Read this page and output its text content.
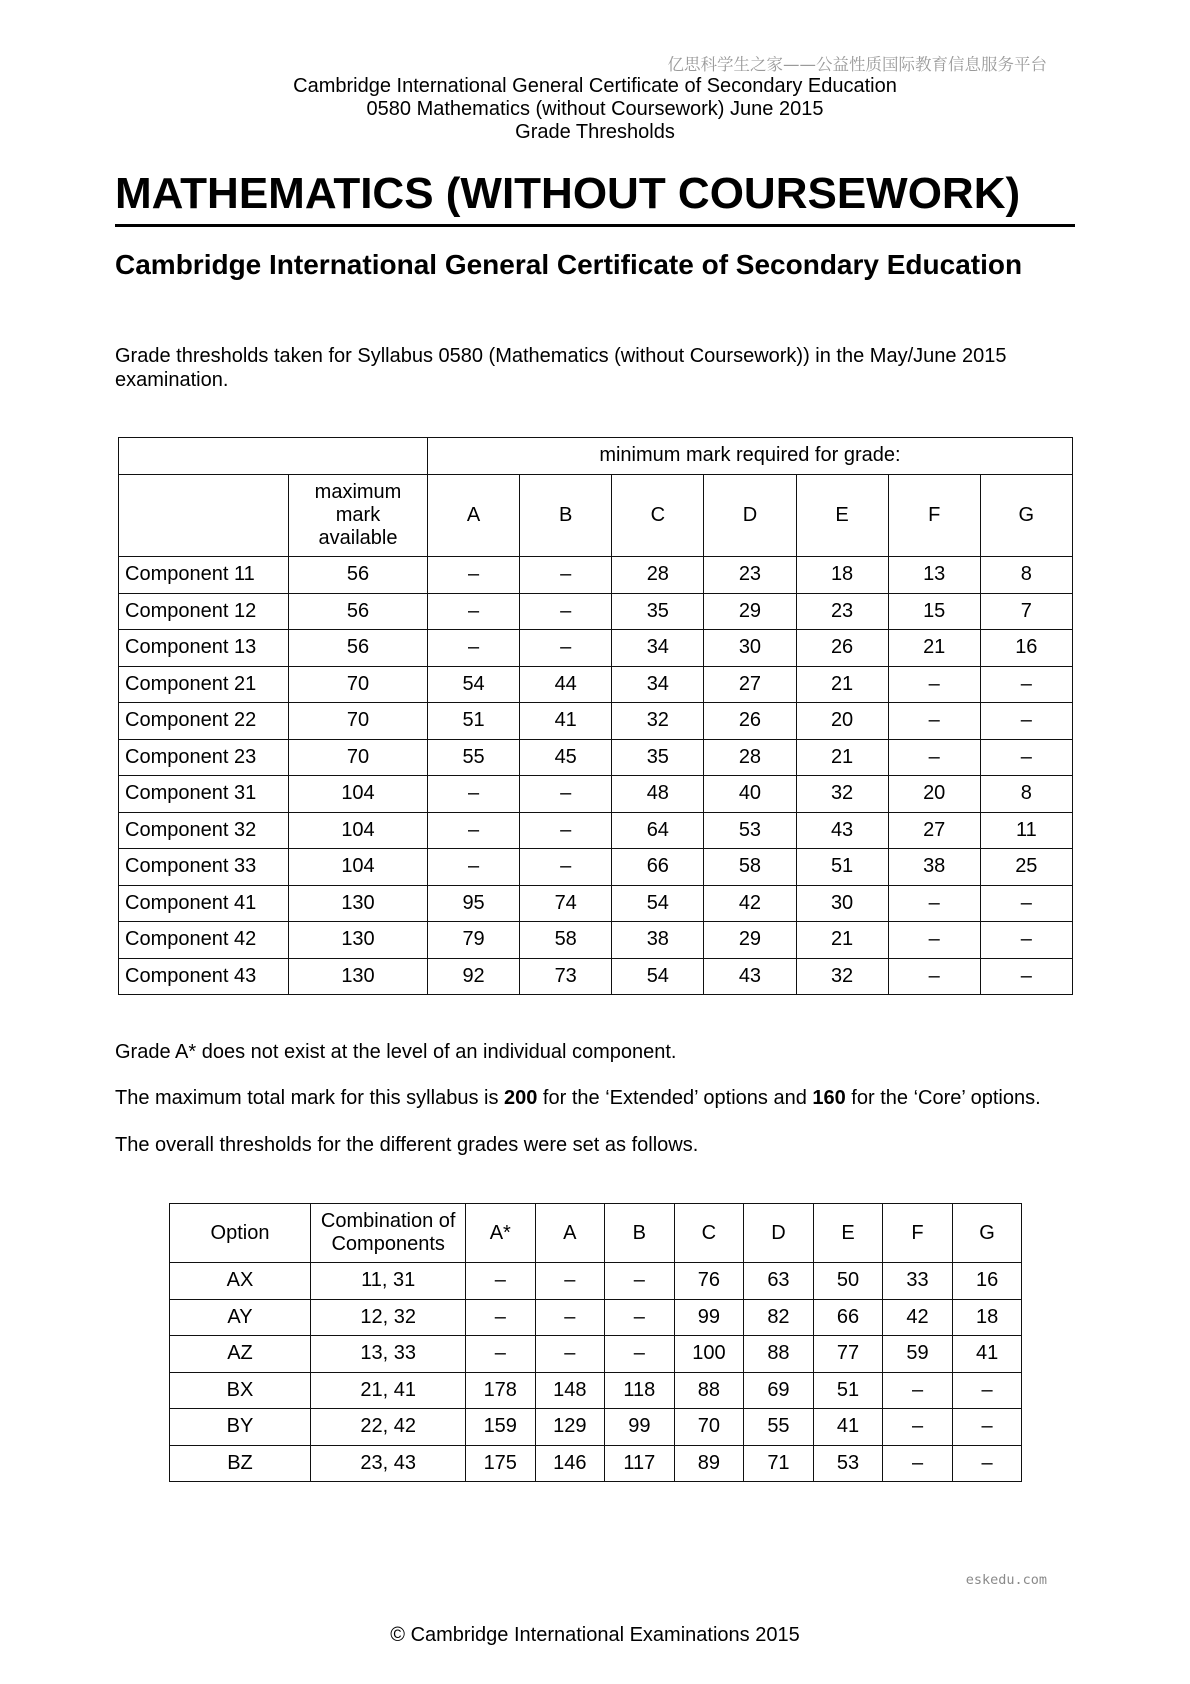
亿思科学生之家——公益性质国际教育信息服务平台
Cambridge International General Certificate of Secondary Education
0580 Mathematics (without Coursework) June 2015
Grade Thresholds
MATHEMATICS (WITHOUT COURSEWORK)
Cambridge International General Certificate of Secondary Education

Grade thresholds taken for Syllabus 0580 (Mathematics (without Coursework)) in the May/June 2015 examination.

		minimum mark required for grade:						
	maximum mark available	A	B	C	D	E	F	G
Component 11	56	–	–	28	23	18	13	8
Component 12	56	–	–	35	29	23	15	7
Component 13	56	–	–	34	30	26	21	16
Component 21	70	54	44	34	27	21	–	–
Component 22	70	51	41	32	26	20	–	–
Component 23	70	55	45	35	28	21	–	–
Component 31	104	–	–	48	40	32	20	8
Component 32	104	–	–	64	53	43	27	11
Component 33	104	–	–	66	58	51	38	25
Component 41	130	95	74	54	42	30	–	–
Component 42	130	79	58	38	29	21	–	–
Component 43	130	92	73	54	43	32	–	–

Grade A* does not exist at the level of an individual component.

The maximum total mark for this syllabus is 200 for the ‘Extended’ options and 160 for the ‘Core’ options.

The overall thresholds for the different grades were set as follows.

Option	Combination of Components	A*	A	B	C	D	E	F	G
AX	11, 31	–	–	–	76	63	50	33	16
AY	12, 32	–	–	–	99	82	66	42	18
AZ	13, 33	–	–	–	100	88	77	59	41
BX	21, 41	178	148	118	88	69	51	–	–
BY	22, 42	159	129	99	70	55	41	–	–
BZ	23, 43	175	146	117	89	71	53	–	–
eskedu.com
© Cambridge International Examinations 2015
